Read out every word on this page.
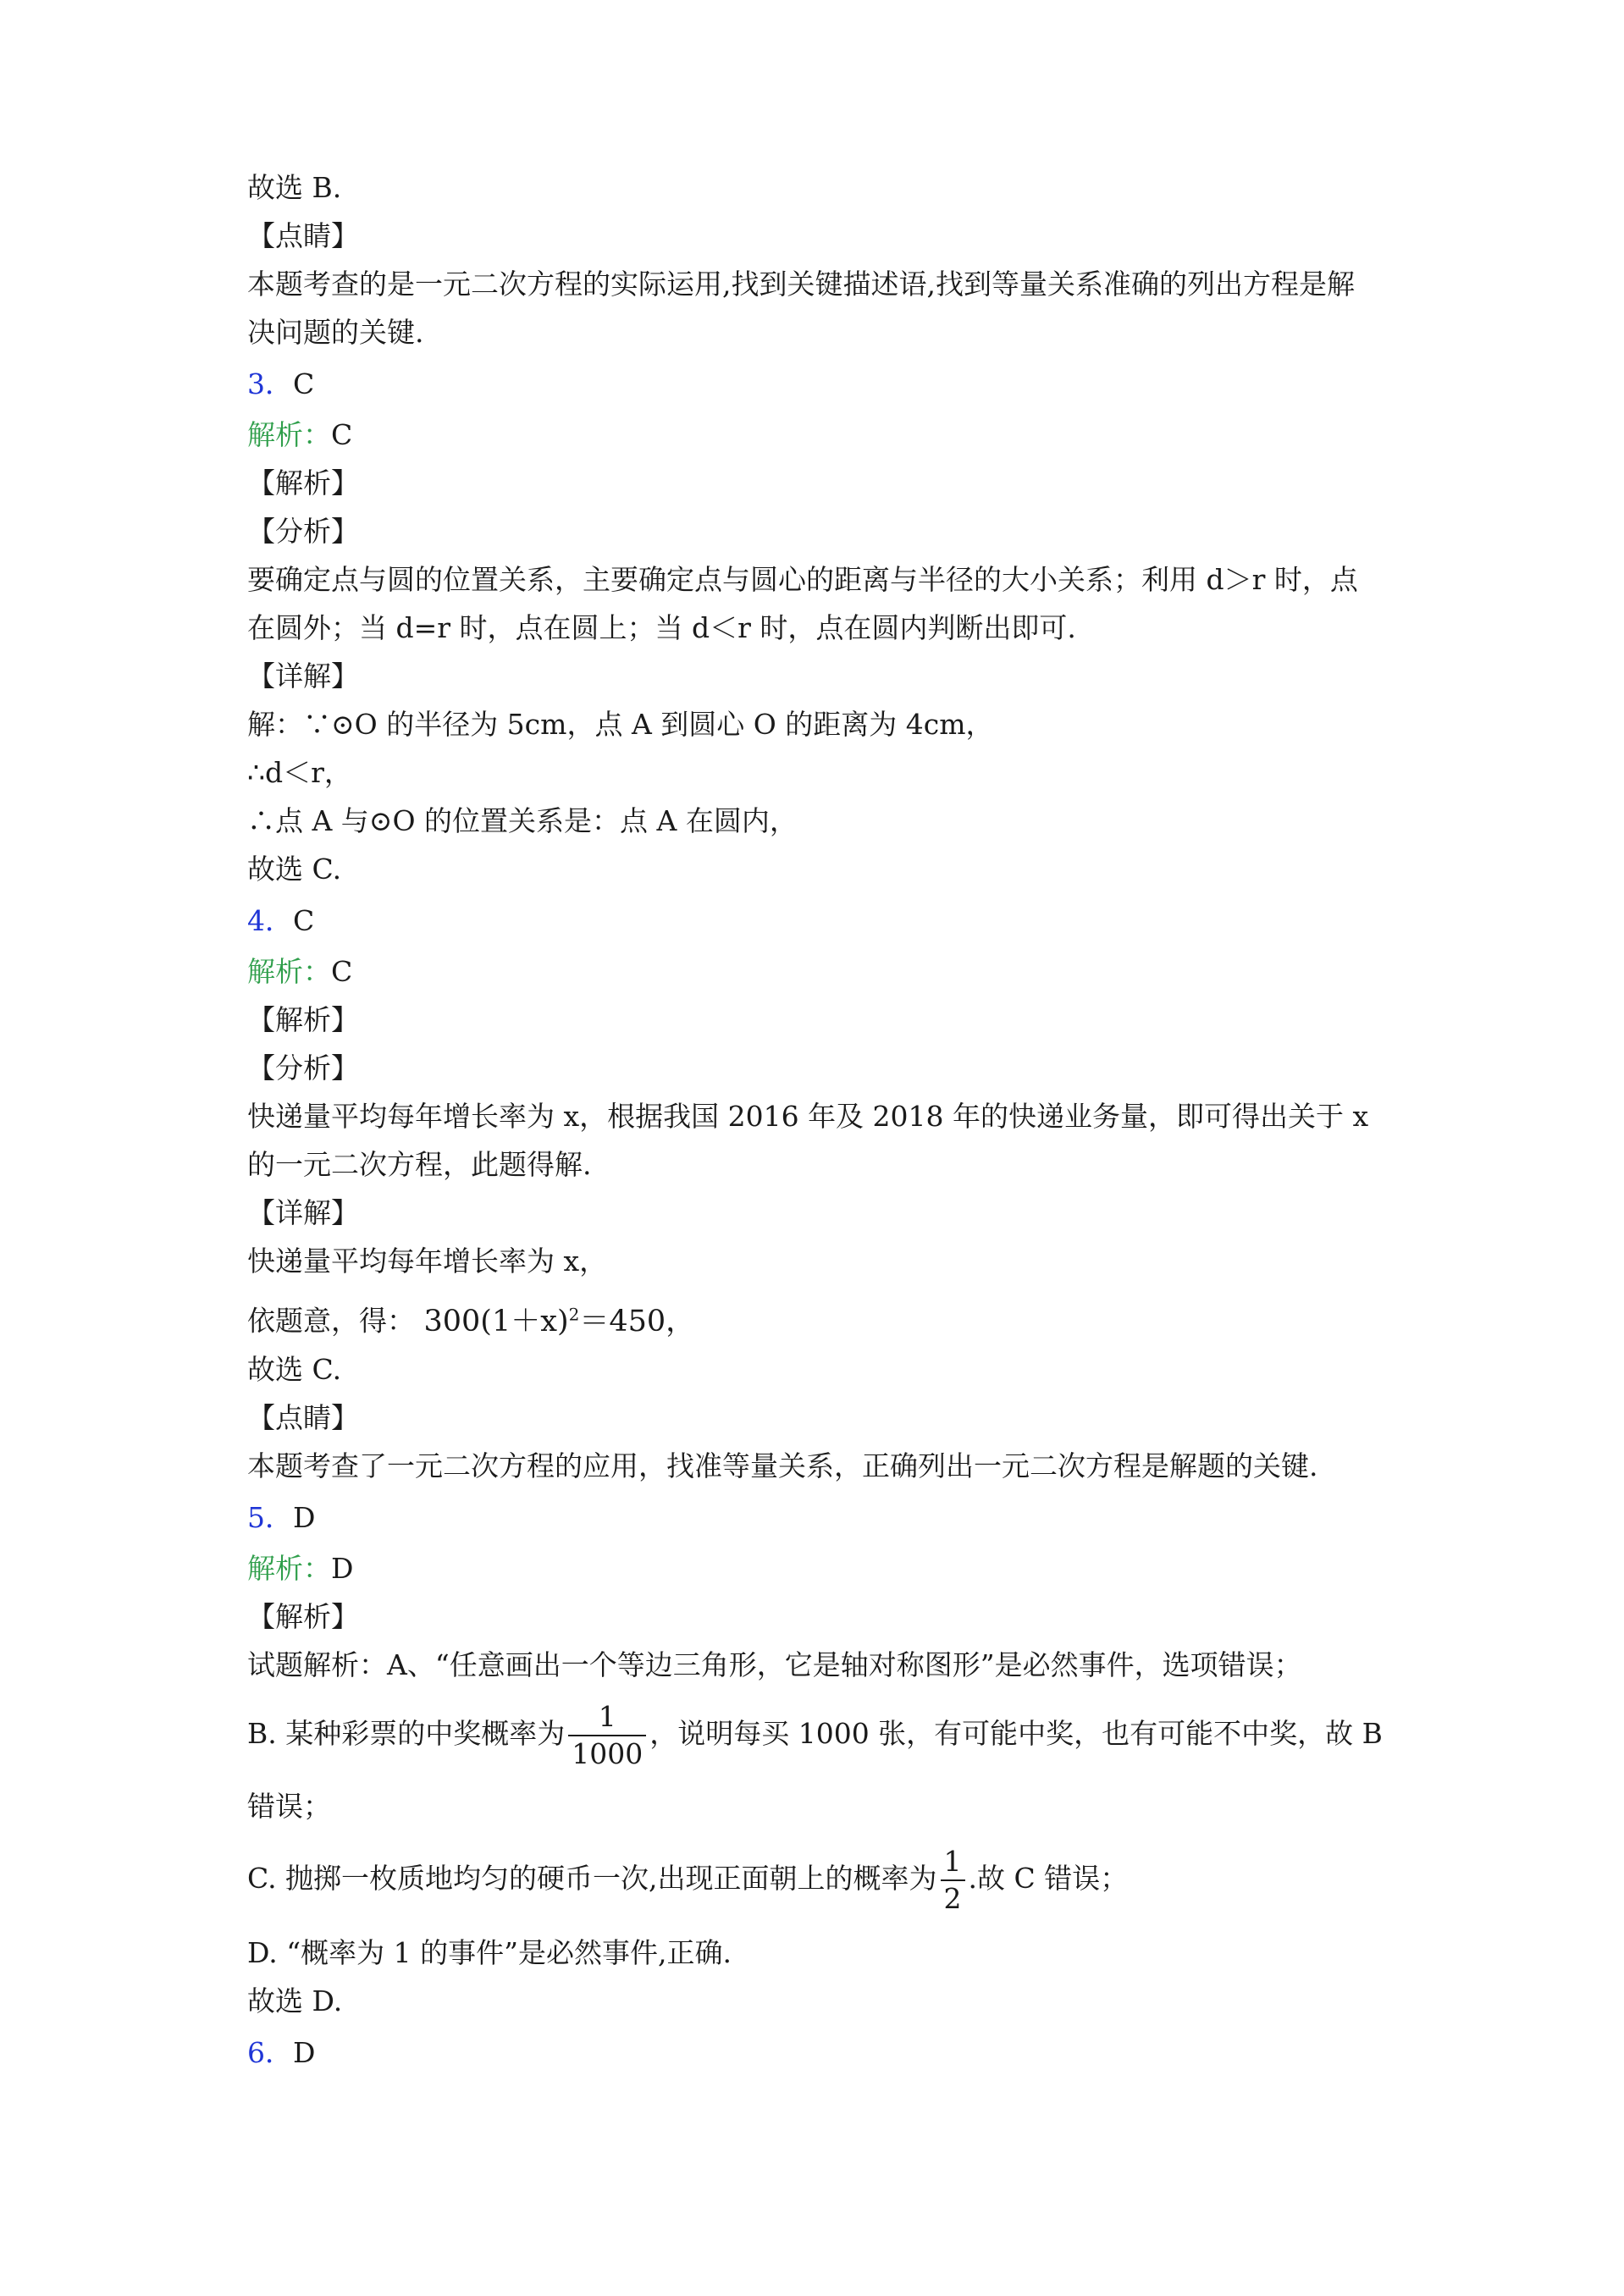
故选 B.
【点睛】
本题考查的是一元二次方程的实际运用,找到关键描述语,找到等量关系准确的列出方程是解
决问题的关键.
3．C
解析：C
【解析】
【分析】
要确定点与圆的位置关系，主要确定点与圆心的距离与半径的大小关系；利用 d＞r 时，点
在圆外；当 d=r 时，点在圆上；当 d＜r 时，点在圆内判断出即可.
【详解】
解：∵⊙O 的半径为 5cm，点 A 到圆心 O 的距离为 4cm，
∴d＜r，
∴点 A 与⊙O 的位置关系是：点 A 在圆内，
故选 C.
4．C
解析：C
【解析】
【分析】
快递量平均每年增长率为 x，根据我国 2016 年及 2018 年的快递业务量，即可得出关于 x
的一元二次方程，此题得解.
【详解】
快递量平均每年增长率为 x，
依题意，得： $300(1+x)^2=450$，
故选 C.
【点睛】
本题考查了一元二次方程的应用，找准等量关系，正确列出一元二次方程是解题的关键.
5．D
解析：D
【解析】
试题解析：A、“任意画出一个等边三角形，它是轴对称图形”是必然事件，选项错误；
B. 某种彩票的中奖概率为 $\frac{1}{1000}$ ，说明每买 1000 张，有可能中奖，也有可能不中奖，故 B
错误；
C. 抛掷一枚质地均匀的硬币一次,出现正面朝上的概率为 $\frac{1}{2}$ .故 C 错误；
D. “概率为 1 的事件”是必然事件,正确.
故选 D.
6．D
